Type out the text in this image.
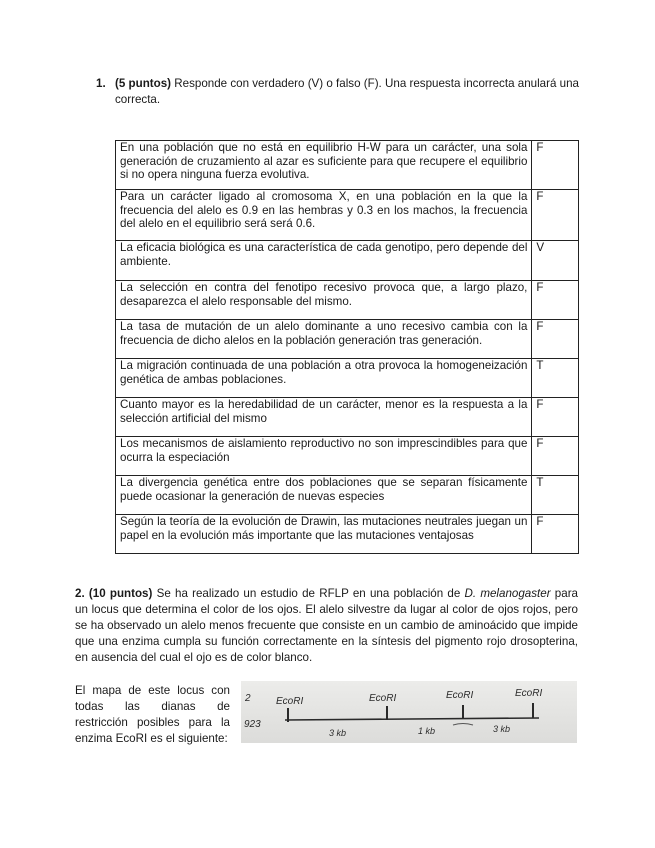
1. (5 puntos) Responde con verdadero (V) o falso (F). Una respuesta incorrecta anulará una correcta.
En una población que no está en equilibrio H-W para un carácter, una sola generación de cruzamiento al azar es suficiente para que recupere el equilibrio si no opera ninguna fuerza evolutiva.	F
Para un carácter ligado al cromosoma X, en una población en la que la frecuencia del alelo es 0.9 en las hembras y 0.3 en los machos, la frecuencia del alelo en el equilibrio será será 0.6.	F
La eficacia biológica es una característica de cada genotipo, pero depende del ambiente.	V
La selección en contra del fenotipo recesivo provoca que, a largo plazo, desaparezca el alelo responsable del mismo.	F
La tasa de mutación de un alelo dominante a uno recesivo cambia con la frecuencia de dicho alelos en la población generación tras generación.	F
La migración continuada de una población a otra provoca la homogeneización genética de ambas poblaciones.	T
Cuanto mayor es la heredabilidad de un carácter, menor es la respuesta a la selección artificial del mismo	F
Los mecanismos de aislamiento reproductivo no son imprescindibles para que ocurra la especiación	F
La divergencia genética entre dos poblaciones que se separan físicamente puede ocasionar la generación de nuevas especies	T
Según la teoría de la evolución de Drawin, las mutaciones neutrales juegan un papel en la evolución más importante que las mutaciones ventajosas	F
2. (10 puntos) Se ha realizado un estudio de RFLP en una población de D. melanogaster para un locus que determina el color de los ojos. El alelo silvestre da lugar al color de ojos rojos, pero se ha observado un alelo menos frecuente que consiste en un cambio de aminoácido que impide que una enzima cumpla su función correctamente en la síntesis del pigmento rojo drosopterina, en ausencia del cual el ojo es de color blanco.
El mapa de este locus con todas las dianas de restricción posibles para la enzima EcoRI es el siguiente:
2
923
EcoRI	EcoRI	EcoRI	EcoRI
3 kb	1 kb	3 kb
